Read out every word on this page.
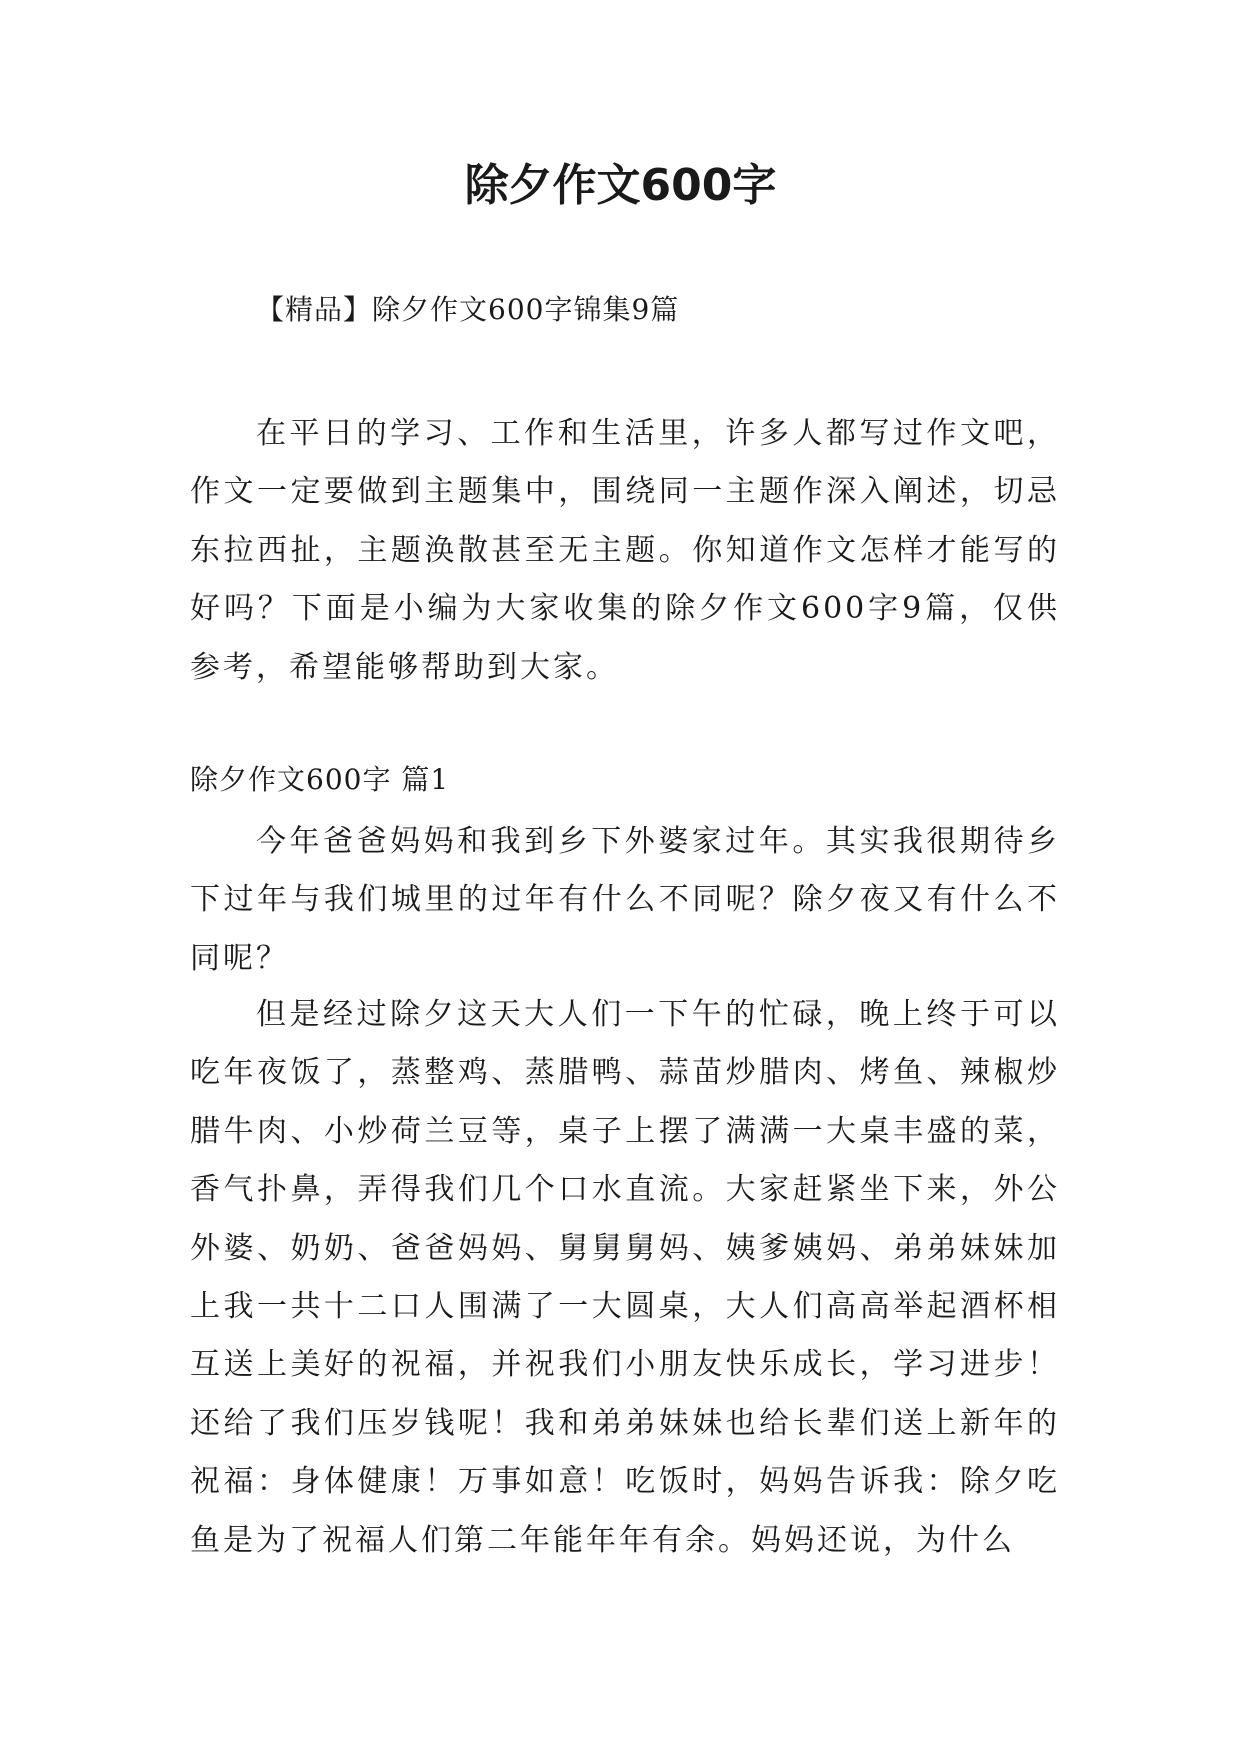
除夕作文600字

【精品】除夕作文600字锦集9篇

在平日的学习、工作和生活里，许多人都写过作文吧，作文一定要做到主题集中，围绕同一主题作深入阐述，切忌东拉西扯，主题涣散甚至无主题。你知道作文怎样才能写的好吗？下面是小编为大家收集的除夕作文600字9篇，仅供参考，希望能够帮助到大家。

除夕作文600字 篇1

今年爸爸妈妈和我到乡下外婆家过年。其实我很期待乡下过年与我们城里的过年有什么不同呢？除夕夜又有什么不同呢？

但是经过除夕这天大人们一下午的忙碌，晚上终于可以吃年夜饭了，蒸整鸡、蒸腊鸭、蒜苗炒腊肉、烤鱼、辣椒炒腊牛肉、小炒荷兰豆等，桌子上摆了满满一大桌丰盛的菜，香气扑鼻，弄得我们几个口水直流。大家赶紧坐下来，外公外婆、奶奶、爸爸妈妈、舅舅舅妈、姨爹姨妈、弟弟妹妹加上我一共十二口人围满了一大圆桌，大人们高高举起酒杯相互送上美好的祝福，并祝我们小朋友快乐成长，学习进步！还给了我们压岁钱呢！我和弟弟妹妹也给长辈们送上新年的祝福：身体健康！万事如意！吃饭时，妈妈告诉我：除夕吃鱼是为了祝福人们第二年能年年有余。妈妈还说，为什么
